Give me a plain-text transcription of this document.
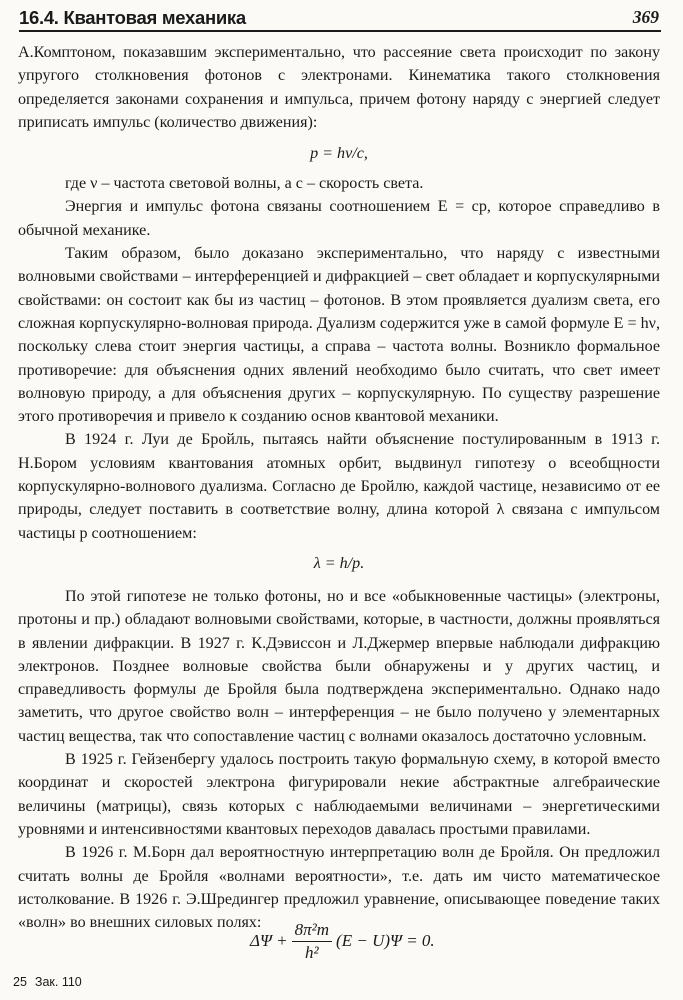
16.4. Квантовая механика	369

А.Комптоном, показавшим экспериментально, что рассеяние света происходит по закону упругого столкновения фотонов с электронами. Кинематика такого столкновения определяется законами сохранения и импульса, причем фотону наряду с энергией следует приписать импульс (количество движения):

p = hν/c,

где ν – частота световой волны, а c – скорость света.

Энергия и импульс фотона связаны соотношением E = cp, которое справедливо в обычной механике.

Таким образом, было доказано экспериментально, что наряду с известными волновыми свойствами – интерференцией и дифракцией – свет обладает и корпускулярными свойствами: он состоит как бы из частиц – фотонов. В этом проявляется дуализм света, его сложная корпускулярно-волновая природа. Дуализм содержится уже в самой формуле E = hν, поскольку слева стоит энергия частицы, а справа – частота волны. Возникло формальное противоречие: для объяснения одних явлений необходимо было считать, что свет имеет волновую природу, а для объяснения других – корпускулярную. По существу разрешение этого противоречия и привело к созданию основ квантовой механики.

В 1924 г. Луи де Бройль, пытаясь найти объяснение постулированным в 1913 г. Н.Бором условиям квантования атомных орбит, выдвинул гипотезу о всеобщности корпускулярно-волнового дуализма. Согласно де Бройлю, каждой частице, независимо от ее природы, следует поставить в соответствие волну, длина которой λ связана с импульсом частицы p соотношением:

λ = h/p.

По этой гипотезе не только фотоны, но и все «обыкновенные частицы» (электроны, протоны и пр.) обладают волновыми свойствами, которые, в частности, должны проявляться в явлении дифракции. В 1927 г. К.Дэвиссон и Л.Джермер впервые наблюдали дифракцию электронов. Позднее волновые свойства были обнаружены и у других частиц, и справедливость формулы де Бройля была подтверждена экспериментально. Однако надо заметить, что другое свойство волн – интерференция – не было получено у элементарных частиц вещества, так что сопоставление частиц с волнами оказалось достаточно условным.

В 1925 г. Гейзенбергу удалось построить такую формальную схему, в которой вместо координат и скоростей электрона фигурировали некие абстрактные алгебраические величины (матрицы), связь которых с наблюдаемыми величинами – энергетическими уровнями и интенсивностями квантовых переходов давалась простыми правилами.

В 1926 г. М.Борн дал вероятностную интерпретацию волн де Бройля. Он предложил считать волны де Бройля «волнами вероятности», т.е. дать им чисто математическое истолкование. В 1926 г. Э.Шредингер предложил уравнение, описывающее поведение таких «волн» во внешних силовых полях:

$\Delta\Psi + \frac{\text{8π²m}}{\text{h²}} (E - U)\Psi = 0$.
25 Зак. 110
